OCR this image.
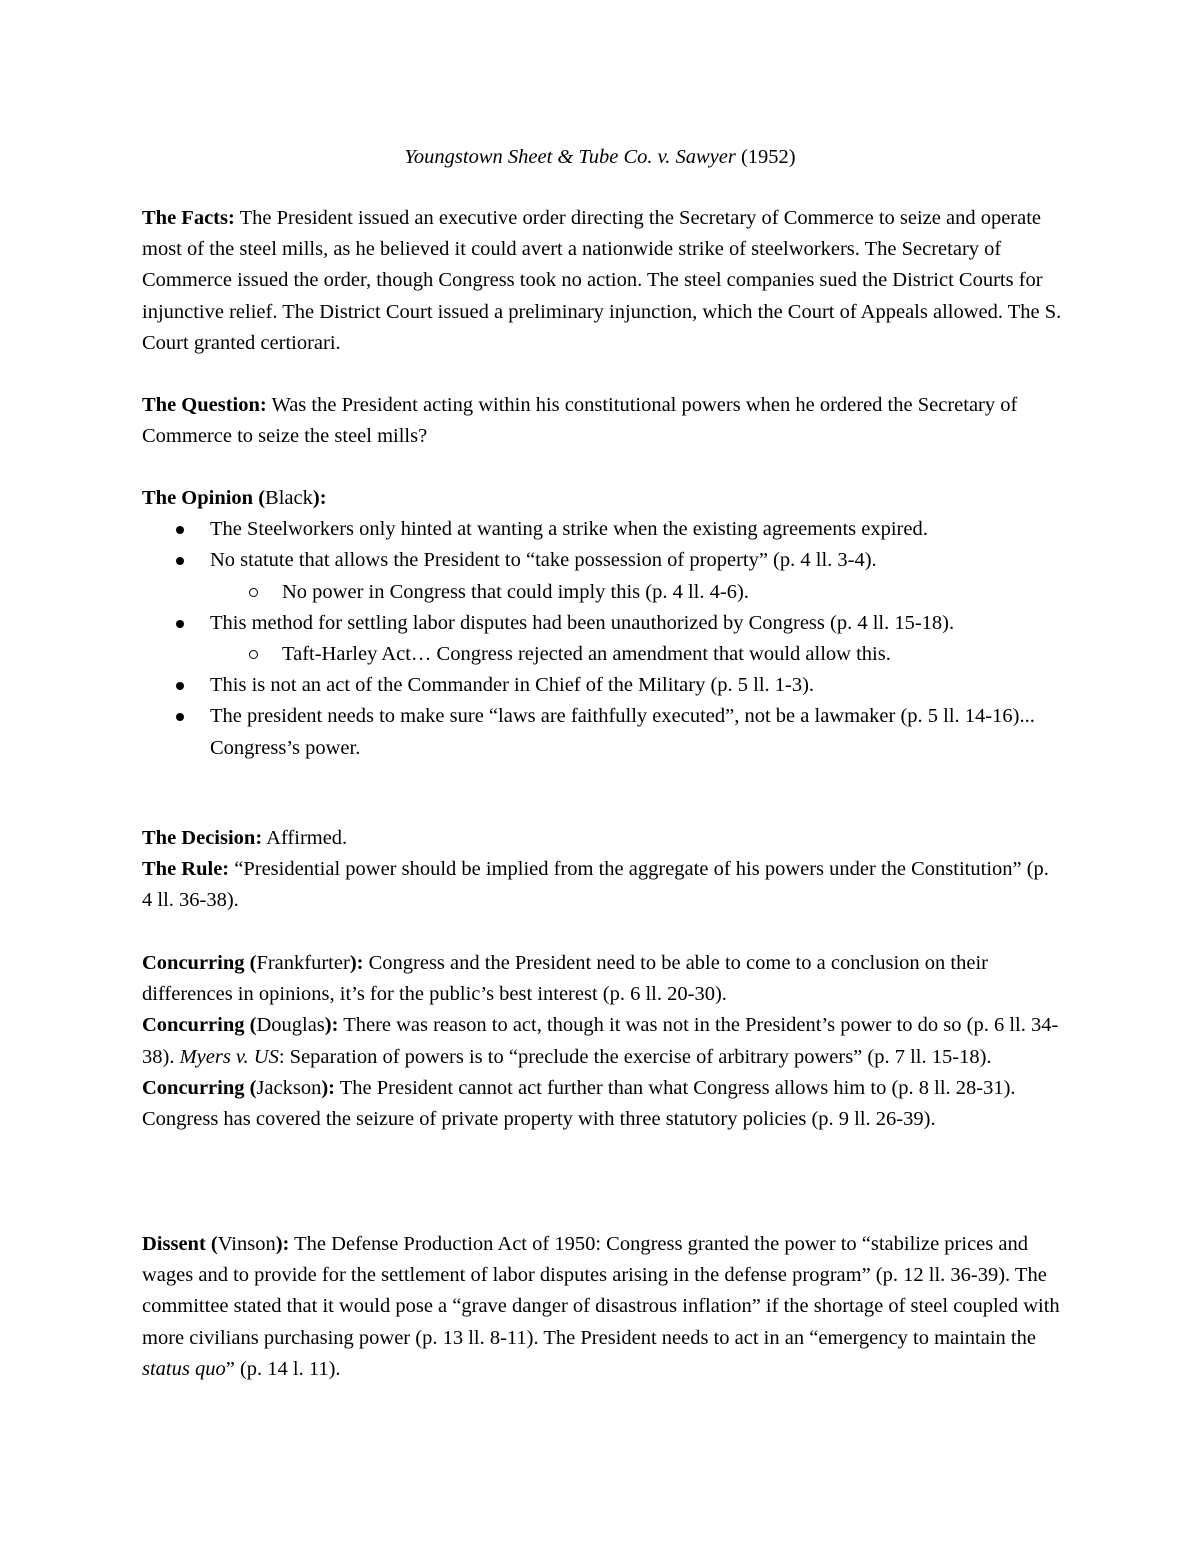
Youngstown Sheet & Tube Co. v. Sawyer (1952)

The Facts: The President issued an executive order directing the Secretary of Commerce to seize and operate most of the steel mills, as he believed it could avert a nationwide strike of steelworkers. The Secretary of Commerce issued the order, though Congress took no action. The steel companies sued the District Courts for injunctive relief. The District Court issued a preliminary injunction, which the Court of Appeals allowed. The S. Court granted certiorari.

The Question: Was the President acting within his constitutional powers when he ordered the Secretary of Commerce to seize the steel mills?

The Opinion (Black):

The Steelworkers only hinted at wanting a strike when the existing agreements expired.
No statute that allows the President to “take possession of property” (p. 4 ll. 3-4).
No power in Congress that could imply this (p. 4 ll. 4-6).
This method for settling labor disputes had been unauthorized by Congress (p. 4 ll. 15-18).
Taft-Harley Act… Congress rejected an amendment that would allow this.
This is not an act of the Commander in Chief of the Military (p. 5 ll. 1-3).
The president needs to make sure “laws are faithfully executed”, not be a lawmaker (p. 5 ll. 14-16)... Congress’s power.

The Decision: Affirmed.

The Rule: “Presidential power should be implied from the aggregate of his powers under the Constitution” (p. 4 ll. 36-38).

Concurring (Frankfurter): Congress and the President need to be able to come to a conclusion on their differences in opinions, it’s for the public’s best interest (p. 6 ll. 20-30).

Concurring (Douglas): There was reason to act, though it was not in the President’s power to do so (p. 6 ll. 34-38). Myers v. US: Separation of powers is to “preclude the exercise of arbitrary powers” (p. 7 ll. 15-18).

Concurring (Jackson): The President cannot act further than what Congress allows him to (p. 8 ll. 28-31). Congress has covered the seizure of private property with three statutory policies (p. 9 ll. 26-39).

Dissent (Vinson): The Defense Production Act of 1950: Congress granted the power to “stabilize prices and wages and to provide for the settlement of labor disputes arising in the defense program” (p. 12 ll. 36-39). The committee stated that it would pose a “grave danger of disastrous inflation” if the shortage of steel coupled with more civilians purchasing power (p. 13 ll. 8-11). The President needs to act in an “emergency to maintain the status quo” (p. 14 l. 11).
